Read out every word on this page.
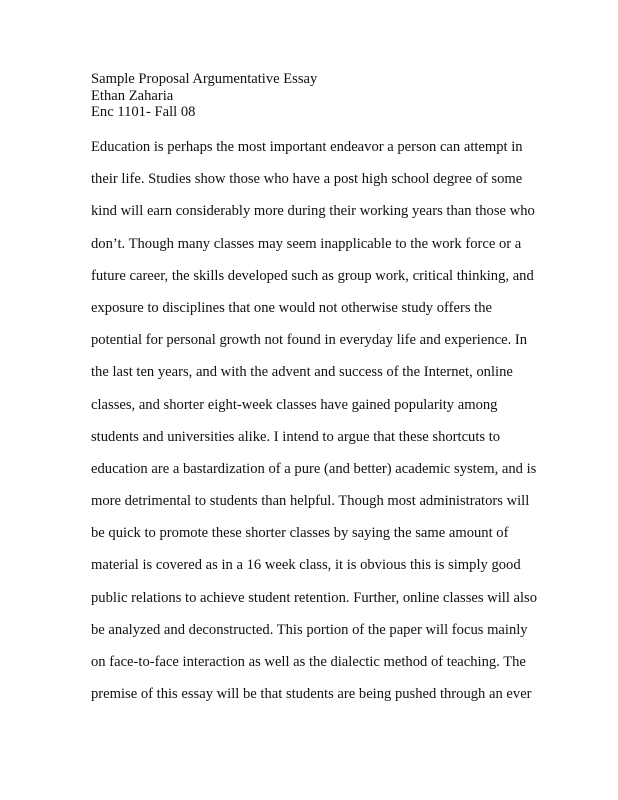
Sample Proposal Argumentative Essay
Ethan Zaharia
Enc 1101- Fall 08
Education is perhaps the most important endeavor a person can attempt in
their life. Studies show those who have a post high school degree of some
kind will earn considerably more during their working years than those who
don’t. Though many classes may seem inapplicable to the work force or a
future career, the skills developed such as group work, critical thinking, and
exposure to disciplines that one would not otherwise study offers the
potential for personal growth not found in everyday life and experience. In
the last ten years, and with the advent and success of the Internet, online
classes, and shorter eight-week classes have gained popularity among
students and universities alike. I intend to argue that these shortcuts to
education are a bastardization of a pure (and better) academic system, and is
more detrimental to students than helpful. Though most administrators will
be quick to promote these shorter classes by saying the same amount of
material is covered as in a 16 week class, it is obvious this is simply good
public relations to achieve student retention. Further, online classes will also
be analyzed and deconstructed. This portion of the paper will focus mainly
on face-to-face interaction as well as the dialectic method of teaching. The
premise of this essay will be that students are being pushed through an ever
